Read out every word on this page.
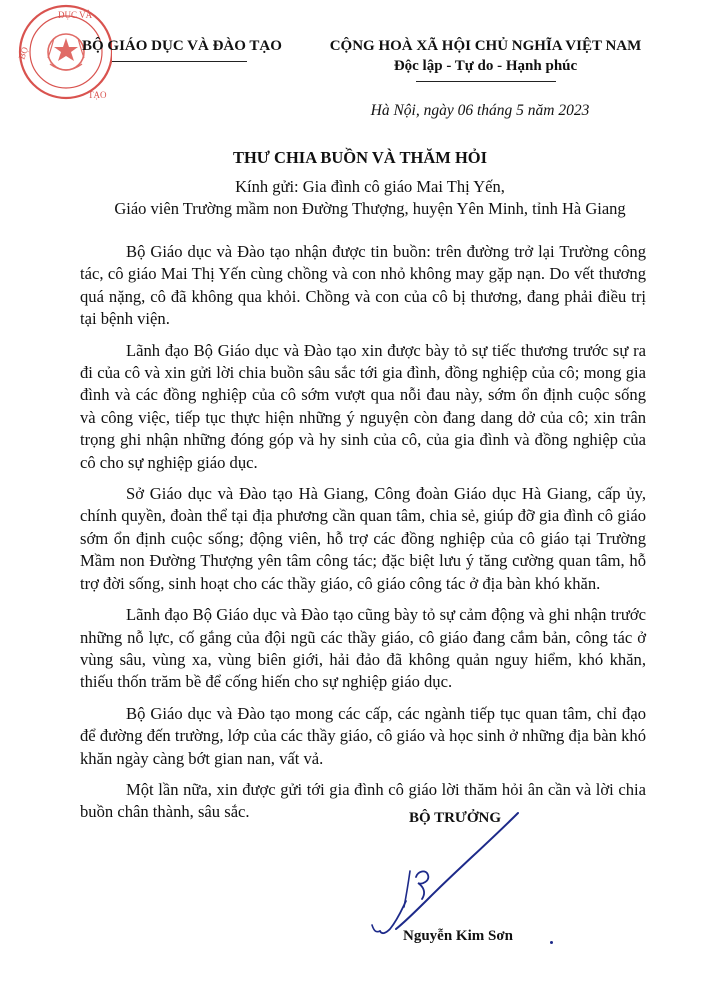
DỤC VÀ
BỘ
TẠO
BỘ GIÁO DỤC VÀ ĐÀO TẠO	CỘNG HOÀ XÃ HỘI CHỦ NGHĨA VIỆT NAM
Độc lập - Tự do - Hạnh phúc
Hà Nội, ngày 06 tháng 5 năm 2023
THƯ CHIA BUỒN VÀ THĂM HỎI
Kính gửi: Gia đình cô giáo Mai Thị Yến,
Giáo viên Trường mầm non Đường Thượng, huyện Yên Minh, tỉnh Hà Giang

Bộ Giáo dục và Đào tạo nhận được tin buồn: trên đường trở lại Trường công tác, cô giáo Mai Thị Yến cùng chồng và con nhỏ không may gặp nạn. Do vết thương quá nặng, cô đã không qua khỏi. Chồng và con của cô bị thương, đang phải điều trị tại bệnh viện.

Lãnh đạo Bộ Giáo dục và Đào tạo xin được bày tỏ sự tiếc thương trước sự ra đi của cô và xin gửi lời chia buồn sâu sắc tới gia đình, đồng nghiệp của cô; mong gia đình và các đồng nghiệp của cô sớm vượt qua nỗi đau này, sớm ổn định cuộc sống và công việc, tiếp tục thực hiện những ý nguyện còn đang dang dở của cô; xin trân trọng ghi nhận những đóng góp và hy sinh của cô, của gia đình và đồng nghiệp của cô cho sự nghiệp giáo dục.

Sở Giáo dục và Đào tạo Hà Giang, Công đoàn Giáo dục Hà Giang, cấp ủy, chính quyền, đoàn thể tại địa phương cần quan tâm, chia sẻ, giúp đỡ gia đình cô giáo sớm ổn định cuộc sống; động viên, hỗ trợ các đồng nghiệp của cô giáo tại Trường Mầm non Đường Thượng yên tâm công tác; đặc biệt lưu ý tăng cường quan tâm, hỗ trợ đời sống, sinh hoạt cho các thầy giáo, cô giáo công tác ở địa bàn khó khăn.

Lãnh đạo Bộ Giáo dục và Đào tạo cũng bày tỏ sự cảm động và ghi nhận trước những nỗ lực, cố gắng của đội ngũ các thầy giáo, cô giáo đang cắm bản, công tác ở vùng sâu, vùng xa, vùng biên giới, hải đảo đã không quản nguy hiểm, khó khăn, thiếu thốn trăm bề để cống hiến cho sự nghiệp giáo dục.

Bộ Giáo dục và Đào tạo mong các cấp, các ngành tiếp tục quan tâm, chỉ đạo để đường đến trường, lớp của các thầy giáo, cô giáo và học sinh ở những địa bàn khó khăn ngày càng bớt gian nan, vất vả.

Một lần nữa, xin được gửi tới gia đình cô giáo lời thăm hỏi ân cần và lời chia buồn chân thành, sâu sắc.	BỘ TRƯỞNG
Nguyễn Kim Sơn
